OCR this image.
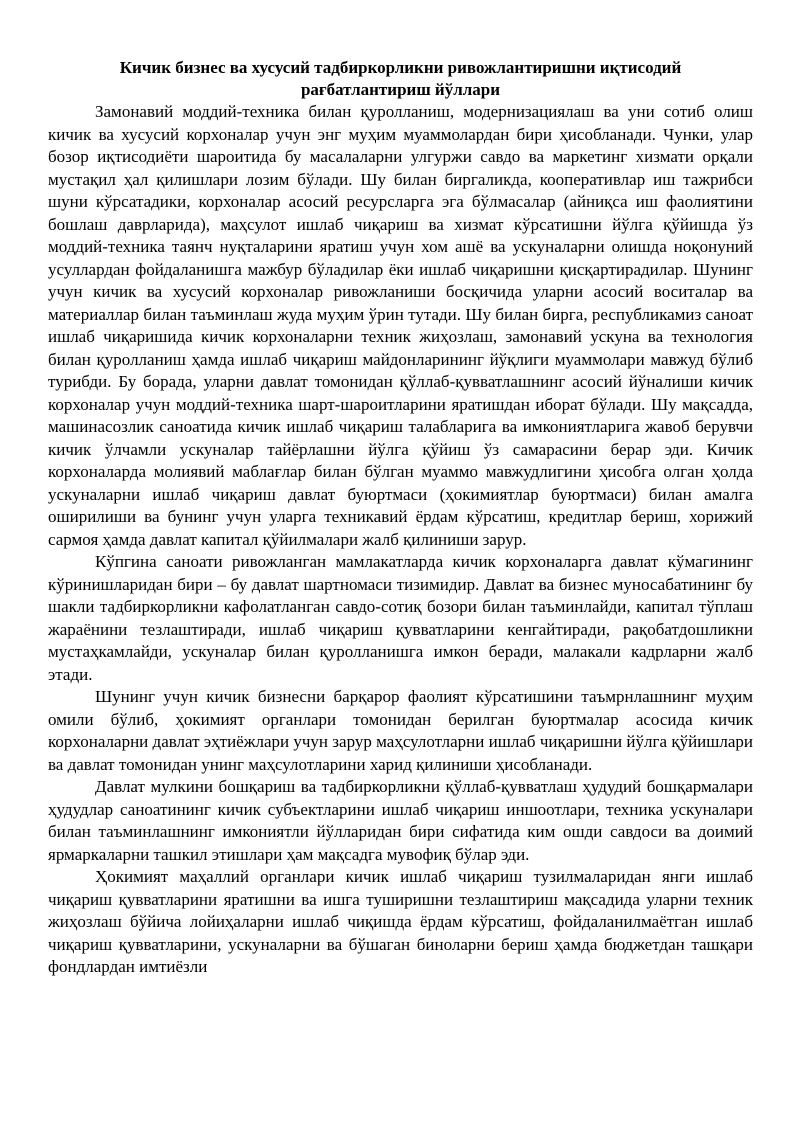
Кичик бизнес ва хусусий тадбиркорликни ривожлантиришни иқтисодий рағбатлантириш йўллари

Замонавий моддий-техника билан қуролланиш, модернизациялаш ва уни сотиб олиш кичик ва хусусий корхоналар учун энг муҳим муаммолардан бири ҳисобланади. Чунки, улар бозор иқтисодиёти шароитида бу масалаларни улгуржи савдо ва маркетинг хизмати орқали мустақил ҳал қилишлари лозим бўлади. Шу билан биргаликда, кооперативлар иш тажрибси шуни кўрсатадики, корхоналар асосий ресурсларга эга бўлмасалар (айниқса иш фаолиятини бошлаш даврларида), маҳсулот ишлаб чиқариш ва хизмат кўрсатишни йўлга қўйишда ўз моддий-техника таянч нуқталарини яратиш учун хом ашё ва ускуналарни олишда ноқонуний усуллардан фойдаланишга мажбур бўладилар ёки ишлаб чиқаришни қисқартирадилар. Шунинг учун кичик ва хусусий корхоналар ривожланиши босқичида уларни асосий воситалар ва материаллар билан таъминлаш жуда муҳим ўрин тутади. Шу билан бирга, республикамиз саноат ишлаб чиқаришида кичик корхоналарни техник жиҳозлаш, замонавий ускуна ва технология билан қуролланиш ҳамда ишлаб чиқариш майдонларининг йўқлиги муаммолари мавжуд бўлиб турибди. Бу борада, уларни давлат томонидан қўллаб-қувватлашнинг асосий йўналиши кичик корхоналар учун моддий-техника шарт-шароитларини яратишдан иборат бўлади. Шу мақсадда, машинасозлик саноатида кичик ишлаб чиқариш талабларига ва имкониятларига жавоб берувчи кичик ўлчамли ускуналар тайёрлашни йўлга қўйиш ўз самарасини берар эди. Кичик корхоналарда молиявий маблағлар билан бўлган муаммо мавжудлигини ҳисобга олган ҳолда ускуналарни ишлаб чиқариш давлат буюртмаси (ҳокимиятлар буюртмаси) билан амалга оширилиши ва бунинг учун уларга техникавий ёрдам кўрсатиш, кредитлар бериш, хорижий сармоя ҳамда давлат капитал қўйилмалари жалб қилиниши зарур.

Кўпгина саноати ривожланган мамлакатларда кичик корхоналарга давлат кўмагининг кўринишларидан бири – бу давлат шартномаси тизимидир. Давлат ва бизнес муносабатининг бу шакли тадбиркорликни кафолатланган савдо-сотиқ бозори билан таъминлайди, капитал тўплаш жараёнини тезлаштиради, ишлаб чиқариш қувватларини кенгайтиради, рақобатдошликни мустаҳкамлайди, ускуналар билан қуролланишга имкон беради, малакали кадрларни жалб этади.

Шунинг учун кичик бизнесни барқарор фаолият кўрсатишини таъмрнлашнинг муҳим омили бўлиб, ҳокимият органлари томонидан берилган буюртмалар асосида кичик корхоналарни давлат эҳтиёжлари учун зарур маҳсулотларни ишлаб чиқаришни йўлга қўйишлари ва давлат томонидан унинг маҳсулотларини харид қилиниши ҳисобланади.

Давлат мулкини бошқариш ва тадбиркорликни қўллаб-қувватлаш ҳудудий бошқармалари ҳудудлар саноатининг кичик субъектларини ишлаб чиқариш иншоотлари, техника ускуналари билан таъминлашнинг имкониятли йўлларидан бири сифатида ким ошди савдоси ва доимий ярмаркаларни ташкил этишлари ҳам мақсадга мувофиқ бўлар эди.

Ҳокимият маҳаллий органлари кичик ишлаб чиқариш тузилмаларидан янги ишлаб чиқариш қувватларини яратишни ва ишга туширишни тезлаштириш мақсадида уларни техник жиҳозлаш бўйича лойиҳаларни ишлаб чиқишда ёрдам кўрсатиш, фойдаланилмаётган ишлаб чиқариш қувватларини, ускуналарни ва бўшаган биноларни бериш ҳамда бюджетдан ташқари фондлардан имтиёзли
